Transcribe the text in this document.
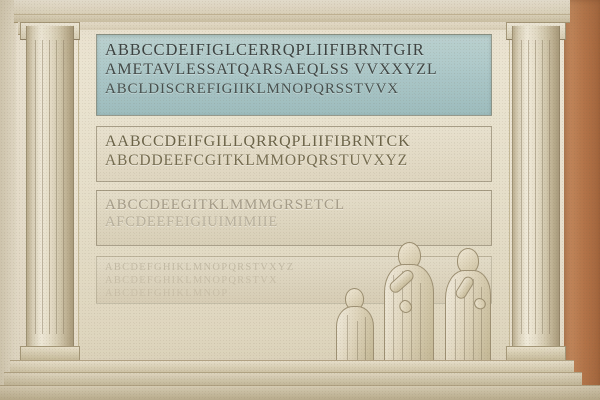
ABBCCDEIFIGLCERRQPLIIFIBRNTGIR
AMETAVLESSATQARSAEQLSS VVXXYZL
ABCLDISCREFIGIIKLMNOPQRSSTVVX
AABCCDEIFGILLQRRQPLIIFIBRNTCK
ABCDDEEFCGITKLMMOPQRSTUVXYZ
ABCCDEEGITKLMMMGRSETCL
AFCDEEFEIGIUIMIMIIE
ABCDEFGHIKLMNOPQRSTVXYZ
ABCDEFGHIKLMNOPQRSTVX
ABCDEFGHIKLMNOP
